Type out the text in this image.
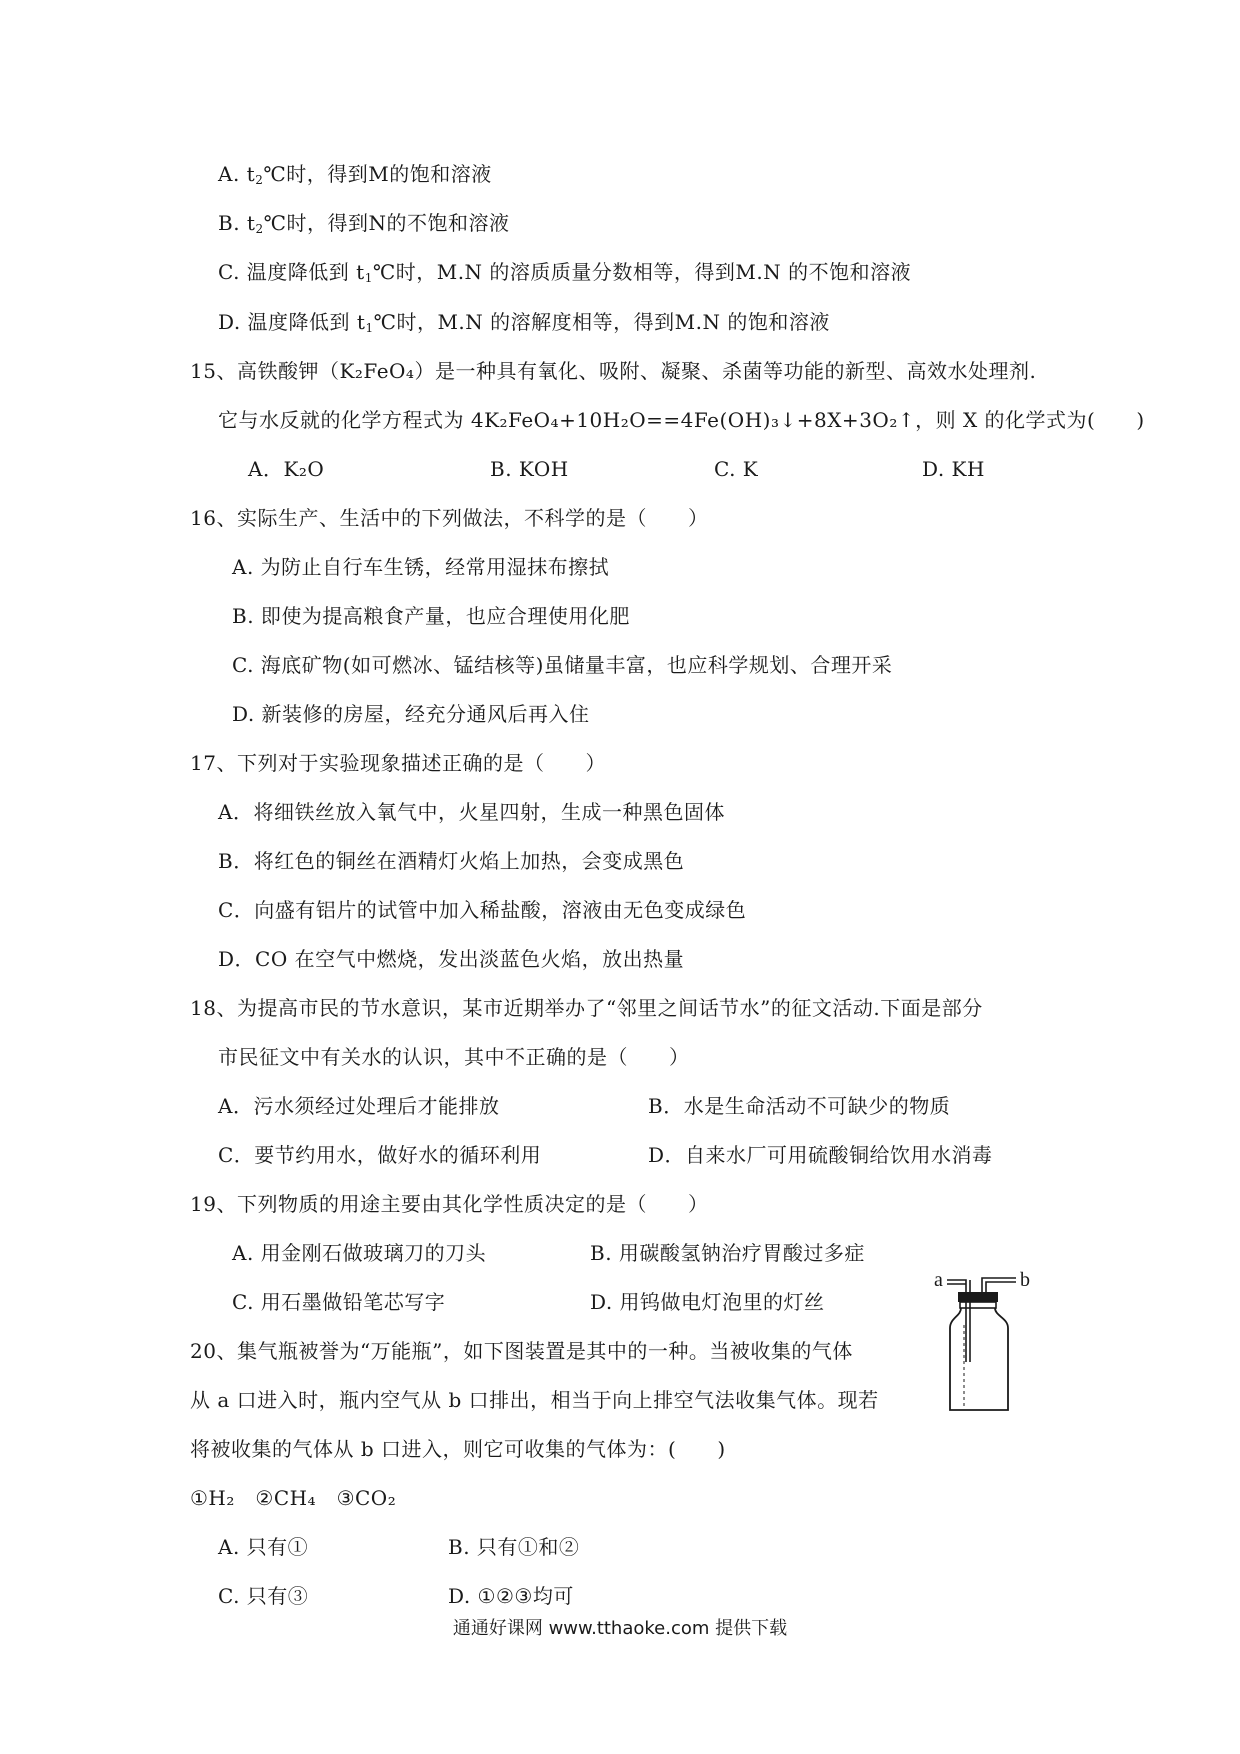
A. $t_2℃$时，得到M的饱和溶液
B. $t_2℃$时，得到N的不饱和溶液
C. 温度降低到 $t_1℃$时，M.N 的溶质质量分数相等，得到M.N 的不饱和溶液
D. 温度降低到 $t_1℃$时，M.N 的溶解度相等，得到M.N 的饱和溶液
15、高铁酸钾（K₂FeO₄）是一种具有氧化、吸附、凝聚、杀菌等功能的新型、高效水处理剂.
它与水反就的化学方程式为 4K₂FeO₄+10H₂O==4Fe(OH)₃↓+8X+3O₂↑，则 X 的化学式为(　　)
A．K₂O	B. KOH	C. K	D. KH
16、实际生产、生活中的下列做法，不科学的是（　　）
A. 为防止自行车生锈，经常用湿抹布擦拭
B. 即使为提高粮食产量，也应合理使用化肥
C. 海底矿物(如可燃冰、锰结核等)虽储量丰富，也应科学规划、合理开采
D. 新装修的房屋，经充分通风后再入住
17、下列对于实验现象描述正确的是（　　）
A．将细铁丝放入氧气中，火星四射，生成一种黑色固体
B．将红色的铜丝在酒精灯火焰上加热，会变成黑色
C．向盛有铝片的试管中加入稀盐酸，溶液由无色变成绿色
D．CO 在空气中燃烧，发出淡蓝色火焰，放出热量
18、为提高市民的节水意识，某市近期举办了“邻里之间话节水”的征文活动.下面是部分
市民征文中有关水的认识，其中不正确的是（　　）
A．污水须经过处理后才能排放	B．水是生命活动不可缺少的物质
C．要节约用水，做好水的循环利用	D．自来水厂可用硫酸铜给饮用水消毒
19、下列物质的用途主要由其化学性质决定的是（　　）
A. 用金刚石做玻璃刀的刀头	B. 用碳酸氢钠治疗胃酸过多症
C. 用石墨做铅笔芯写字	D. 用钨做电灯泡里的灯丝
a	b
20、集气瓶被誉为“万能瓶”，如下图装置是其中的一种。当被收集的气体
从 a 口进入时，瓶内空气从 b 口排出，相当于向上排空气法收集气体。现若
将被收集的气体从 b 口进入，则它可收集的气体为：(　　)
①H₂　②CH₄　③CO₂
A. 只有①	B. 只有①和②
C. 只有③	D. ①②③均可
通通好课网 www.tthaoke.com 提供下载
